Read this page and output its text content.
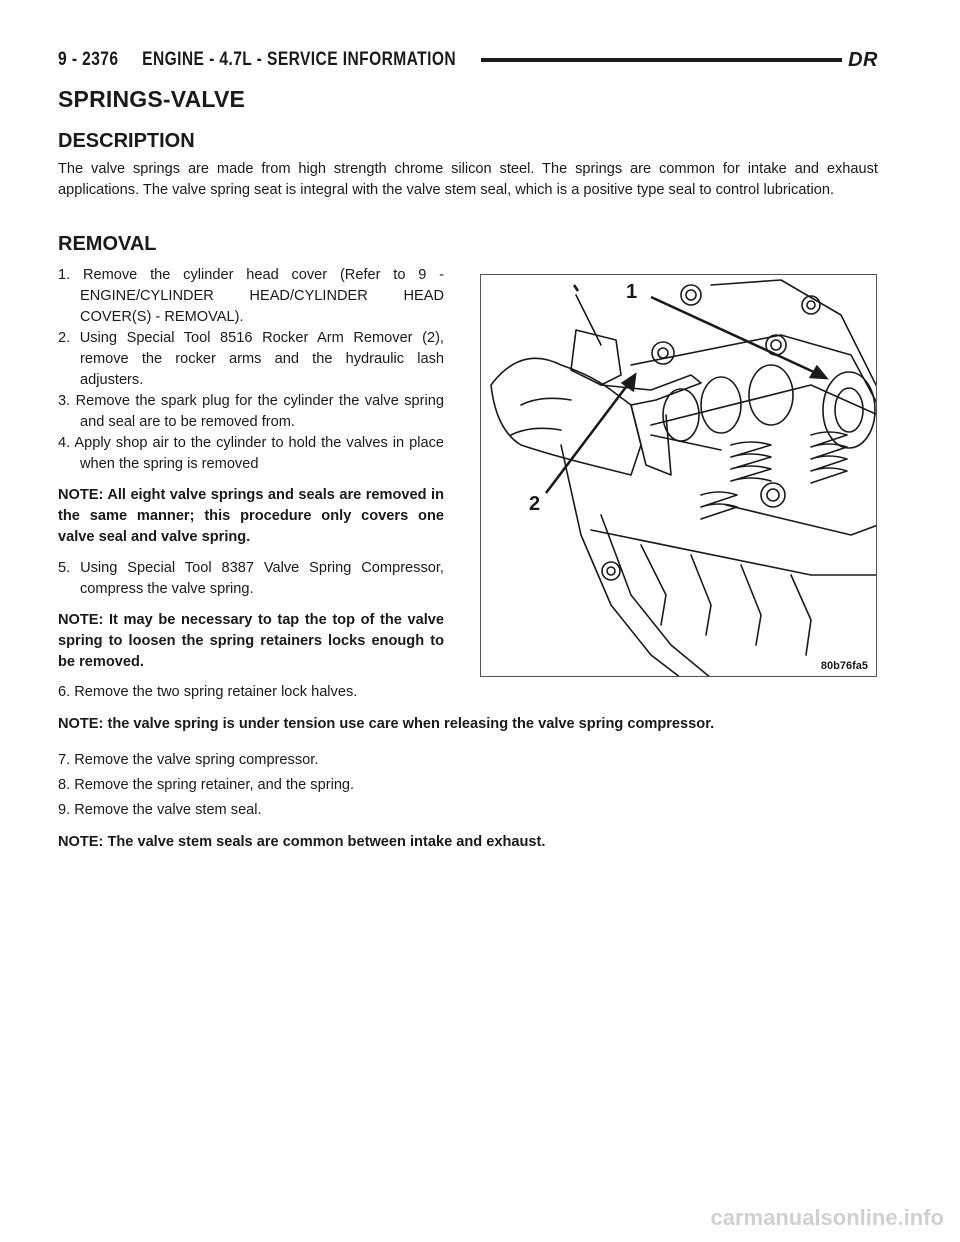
9 - 2376     ENGINE - 4.7L - SERVICE INFORMATION	DR
SPRINGS-VALVE
DESCRIPTION

The valve springs are made from high strength chrome silicon steel. The springs are common for intake and exhaust applications. The valve spring seat is integral with the valve stem seal, which is a positive type seal to control lubrication.

REMOVAL

1. Remove the cylinder head cover (Refer to 9 - ENGINE/CYLINDER HEAD/CYLINDER HEAD COVER(S) - REMOVAL).

2. Using Special Tool 8516 Rocker Arm Remover (2), remove the rocker arms and the hydraulic lash adjusters.

3. Remove the spark plug for the cylinder the valve spring and seal are to be removed from.

4. Apply shop air to the cylinder to hold the valves in place when the spring is removed

NOTE: All eight valve springs and seals are removed in the same manner; this procedure only covers one valve seal and valve spring.

5. Using Special Tool 8387 Valve Spring Compressor, compress the valve spring.

NOTE: It may be necessary to tap the top of the valve spring to loosen the spring retainers locks enough to be removed.

6. Remove the two spring retainer lock halves.

NOTE: the valve spring is under tension use care when releasing the valve spring compressor.

7. Remove the valve spring compressor.

8. Remove the spring retainer, and the spring.

9. Remove the valve stem seal.

NOTE: The valve stem seals are common between intake and exhaust.

1
2
80b76fa5
carmanualsonline.info
